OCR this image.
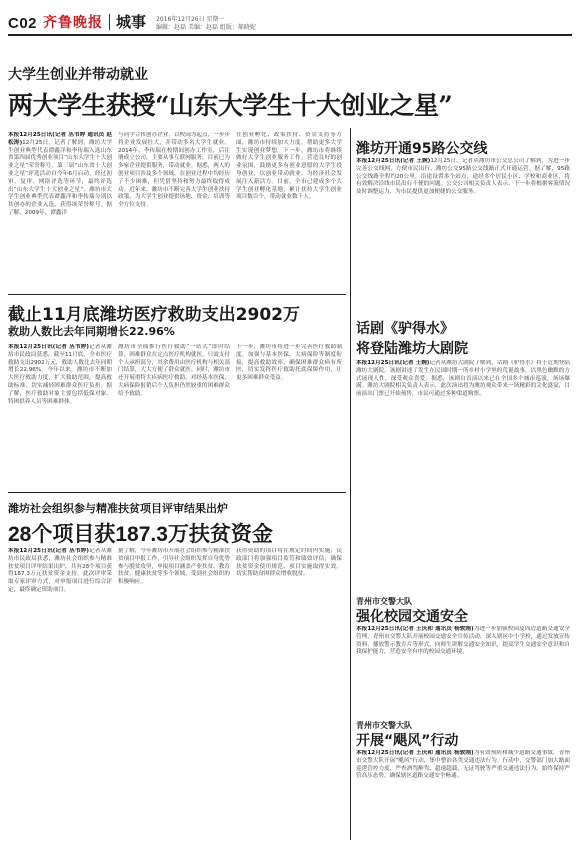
C02 齐鲁晚报 城事 2016年12月26日 星期一
编辑：赵磊 美编：赵磊 组版：郝晓妮
大学生创业并带动就业
两大学生获授“山东大学生十大创业之星”
本报12月25日讯(记者 丛书婷 通讯员 赵松涛)12月25日，记者了解到，潍坊大学生创业典型代表谭鑫洋和李传瑞入选山东省第四届优秀创业项目“山东大学生十大创业之星”荣誉称号。第三届“山东省十大创业之星”评选活动自今年6月启动，经过初审、复审、网络评选等环节，最终评选出“山东大学生十大创业之星”。潍坊市大学生创业典型代表谭鑫洋和李传瑞分别以其创办的企业入选，获得该荣誉称号。据了解，2009年，谭鑫洋
与同学合伙创办企业，以校园为起点，一步步将企业发展壮大，并带动多名大学生就业。2014年，李传瑞在校期间创办工作室，后注册成立公司，主要从事互联网服务，目前已为多家企业提供服务，带动就业。据悉，两人的创业项目涉及多个领域，在创业过程中均经历了不少困难，但凭借坚持和努力最终取得成功。近年来，潍坊市不断完善大学生创业扶持政策，为大学生创业提供场地、资金、培训等全方位支持。
在创业孵化、政策扶持、资金支持等方面，潍坊市持续加大力度，帮助更多大学生实现创业梦想。下一步，潍坊市将继续做好大学生创业服务工作，营造良好的创业氛围，鼓励更多有创业意愿的大学生投身创业，以创业带动就业，为经济社会发展注入新活力。目前，全市已建成多个大学生创业孵化基地，累计扶持大学生创业项目数百个，带动就业数千人。
潍坊开通95路公交线
本报12月25日讯(记者 王婉)12月25日，记者从潍坊市公交总公司了解到，为进一步完善公交线网，方便市民出行，潍坊公交95路公交线路正式开通运营。据了解，95路公交线路全程约20公里，沿途设置多个站点，途经多个居民小区、学校和商业区，将有效解决沿线市民出行不便的问题。公交公司相关负责人表示，下一步将根据客流情况及时调整运力，为市民提供更加便捷的公交服务。
话剧《驴得水》
将登陆潍坊大剧院
本报12月25日讯(记者 王婉)记者从潍坊大剧院了解到，话剧《驴得水》将于近期登陆潍坊大剧院。该剧讲述了发生在民国时期一所乡村小学里的荒诞故事，以黑色幽默的方式展现人性，深受观众喜爱。据悉，该剧自首演以来已在全国多个城市巡演，场场爆满。潍坊大剧院相关负责人表示，此次演出将为潍坊观众带来一场精彩的文化盛宴，目前演出门票已开始预售，市民可通过多种渠道购票。
青州市交警大队
强化校园交通安全
本报12月25日讯(记者 王庆和 通讯员 杨敦刚)为进一步加强校园及周边道路交通安全管理，青州市交警大队开展校园交通安全宣传活动，深入辖区中小学校，通过发放宣传资料、播放警示教育片等形式，向师生讲解交通安全知识，提高学生交通安全意识和自我保护能力，营造安全有序的校园交通环境。
青州市交警大队
开展“飓风”行动
本报12月25日讯(记者 王庆和 通讯员 杨敦刚)为有效预防和减少道路交通事故，青州市交警大队开展“飓风”行动，集中整治各类交通违法行为。行动中，交警部门加大路面巡逻管控力度，严查酒驾醉驾、超速超载、无证驾驶等严重交通违法行为，始终保持严管高压态势，确保辖区道路交通安全畅通。
截止11月底潍坊医疗救助支出2902万
救助人数比去年同期增长22.96%
本报12月25日讯(记者 丛书婷)记者从潍坊市民政局获悉，截至11月底，全市医疗救助支出2902万元，救助人数比去年同期增长22.96%。今年以来，潍坊市不断加大医疗救助力度，扩大救助范围，提高救助标准，切实减轻困难群众医疗负担。据了解，医疗救助对象主要包括低保对象、特困供养人员等困难群体。
潍坊市全面推行医疗救助“一站式”即时结算，困难群众在定点医疗机构就医，只需支付个人承担部分，其余费用由医疗机构与相关部门结算，大大方便了群众就医。同时，潍坊市还开展重特大疾病医疗救助，对经基本医保、大病保险报销后个人负担仍然较重的困难群众给予救助。
下一步，潍坊市将进一步完善医疗救助制度，加强与基本医保、大病保险等制度衔接，提高救助效率，确保困难群众病有所医，切实发挥医疗救助托底保障作用，让更多困难群众受益。
潍坊社会组织参与精准扶贫项目评审结果出炉
28个项目获187.3万扶贫资金
本报12月25日讯(记者 丛书婷)记者从潍坊市民政局获悉，潍坊社会组织参与精准扶贫项目评审结果出炉，共有28个项目获得187.3万元扶贫资金支持。此次评审采取专家评审方式，对申报项目进行综合评定，最终确定资助项目。
据了解，今年潍坊市开展社会组织参与精准扶贫项目申报工作，引导社会组织发挥自身优势参与脱贫攻坚，申报项目涵盖产业扶贫、教育扶贫、健康扶贫等多个领域，受到社会组织的积极响应。
获得资助的项目将在规定时间内实施，民政部门将加强项目监管和绩效评估，确保扶贫资金使用规范、项目实施取得实效，切实帮助贫困群众增收脱贫。
